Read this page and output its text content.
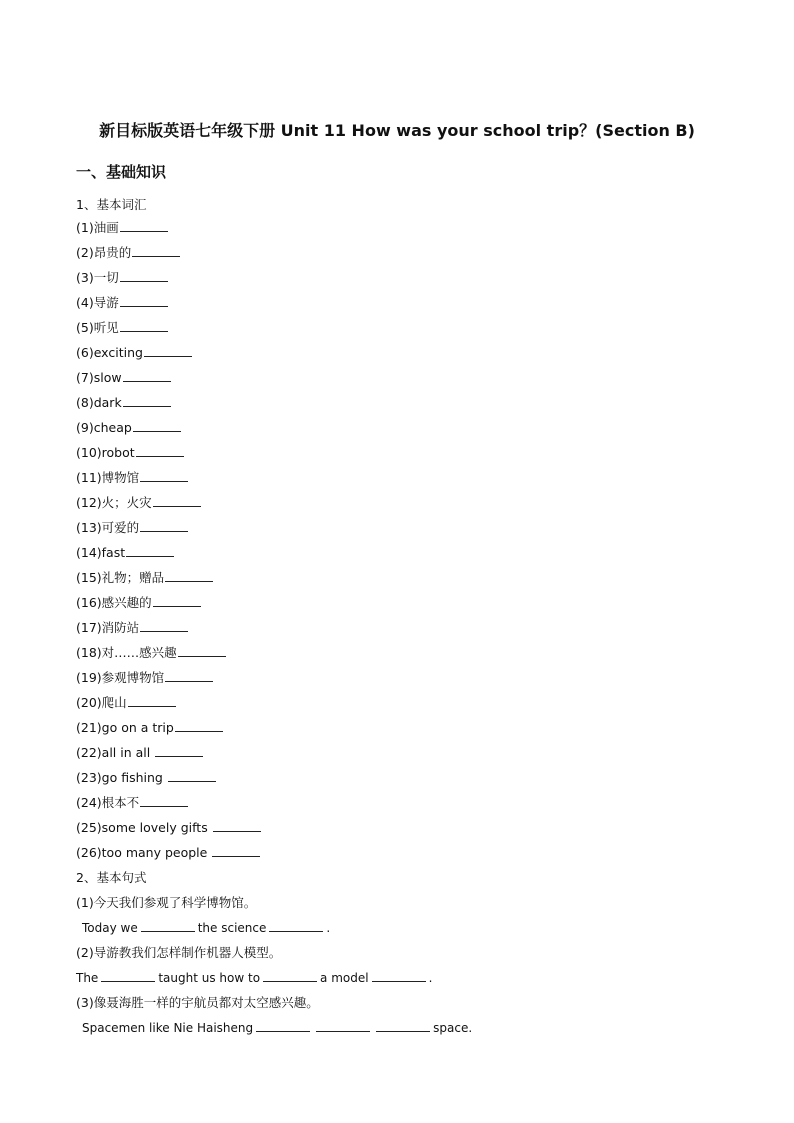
新目标版英语七年级下册 Unit 11 How was your school trip？(Section B)
一、基础知识
1、基本词汇
(1)油画
(2)昂贵的
(3)一切
(4)导游
(5)听见
(6)exciting
(7)slow
(8)dark
(9)cheap
(10)robot
(11)博物馆
(12)火；火灾
(13)可爱的
(14)fast
(15)礼物；赠品
(16)感兴趣的
(17)消防站
(18)对……感兴趣
(19)参观博物馆
(20)爬山
(21)go on a trip
(22)all in all
(23)go fishing
(24)根本不
(25)some lovely gifts
(26)too many people
2、基本句式
(1)今天我们参观了科学博物馆。
Today we	the science	.
(2)导游教我们怎样制作机器人模型。
The	taught us how to	a model	.
(3)像聂海胜一样的宇航员都对太空感兴趣。
Spacemen like Nie Haisheng	space.
